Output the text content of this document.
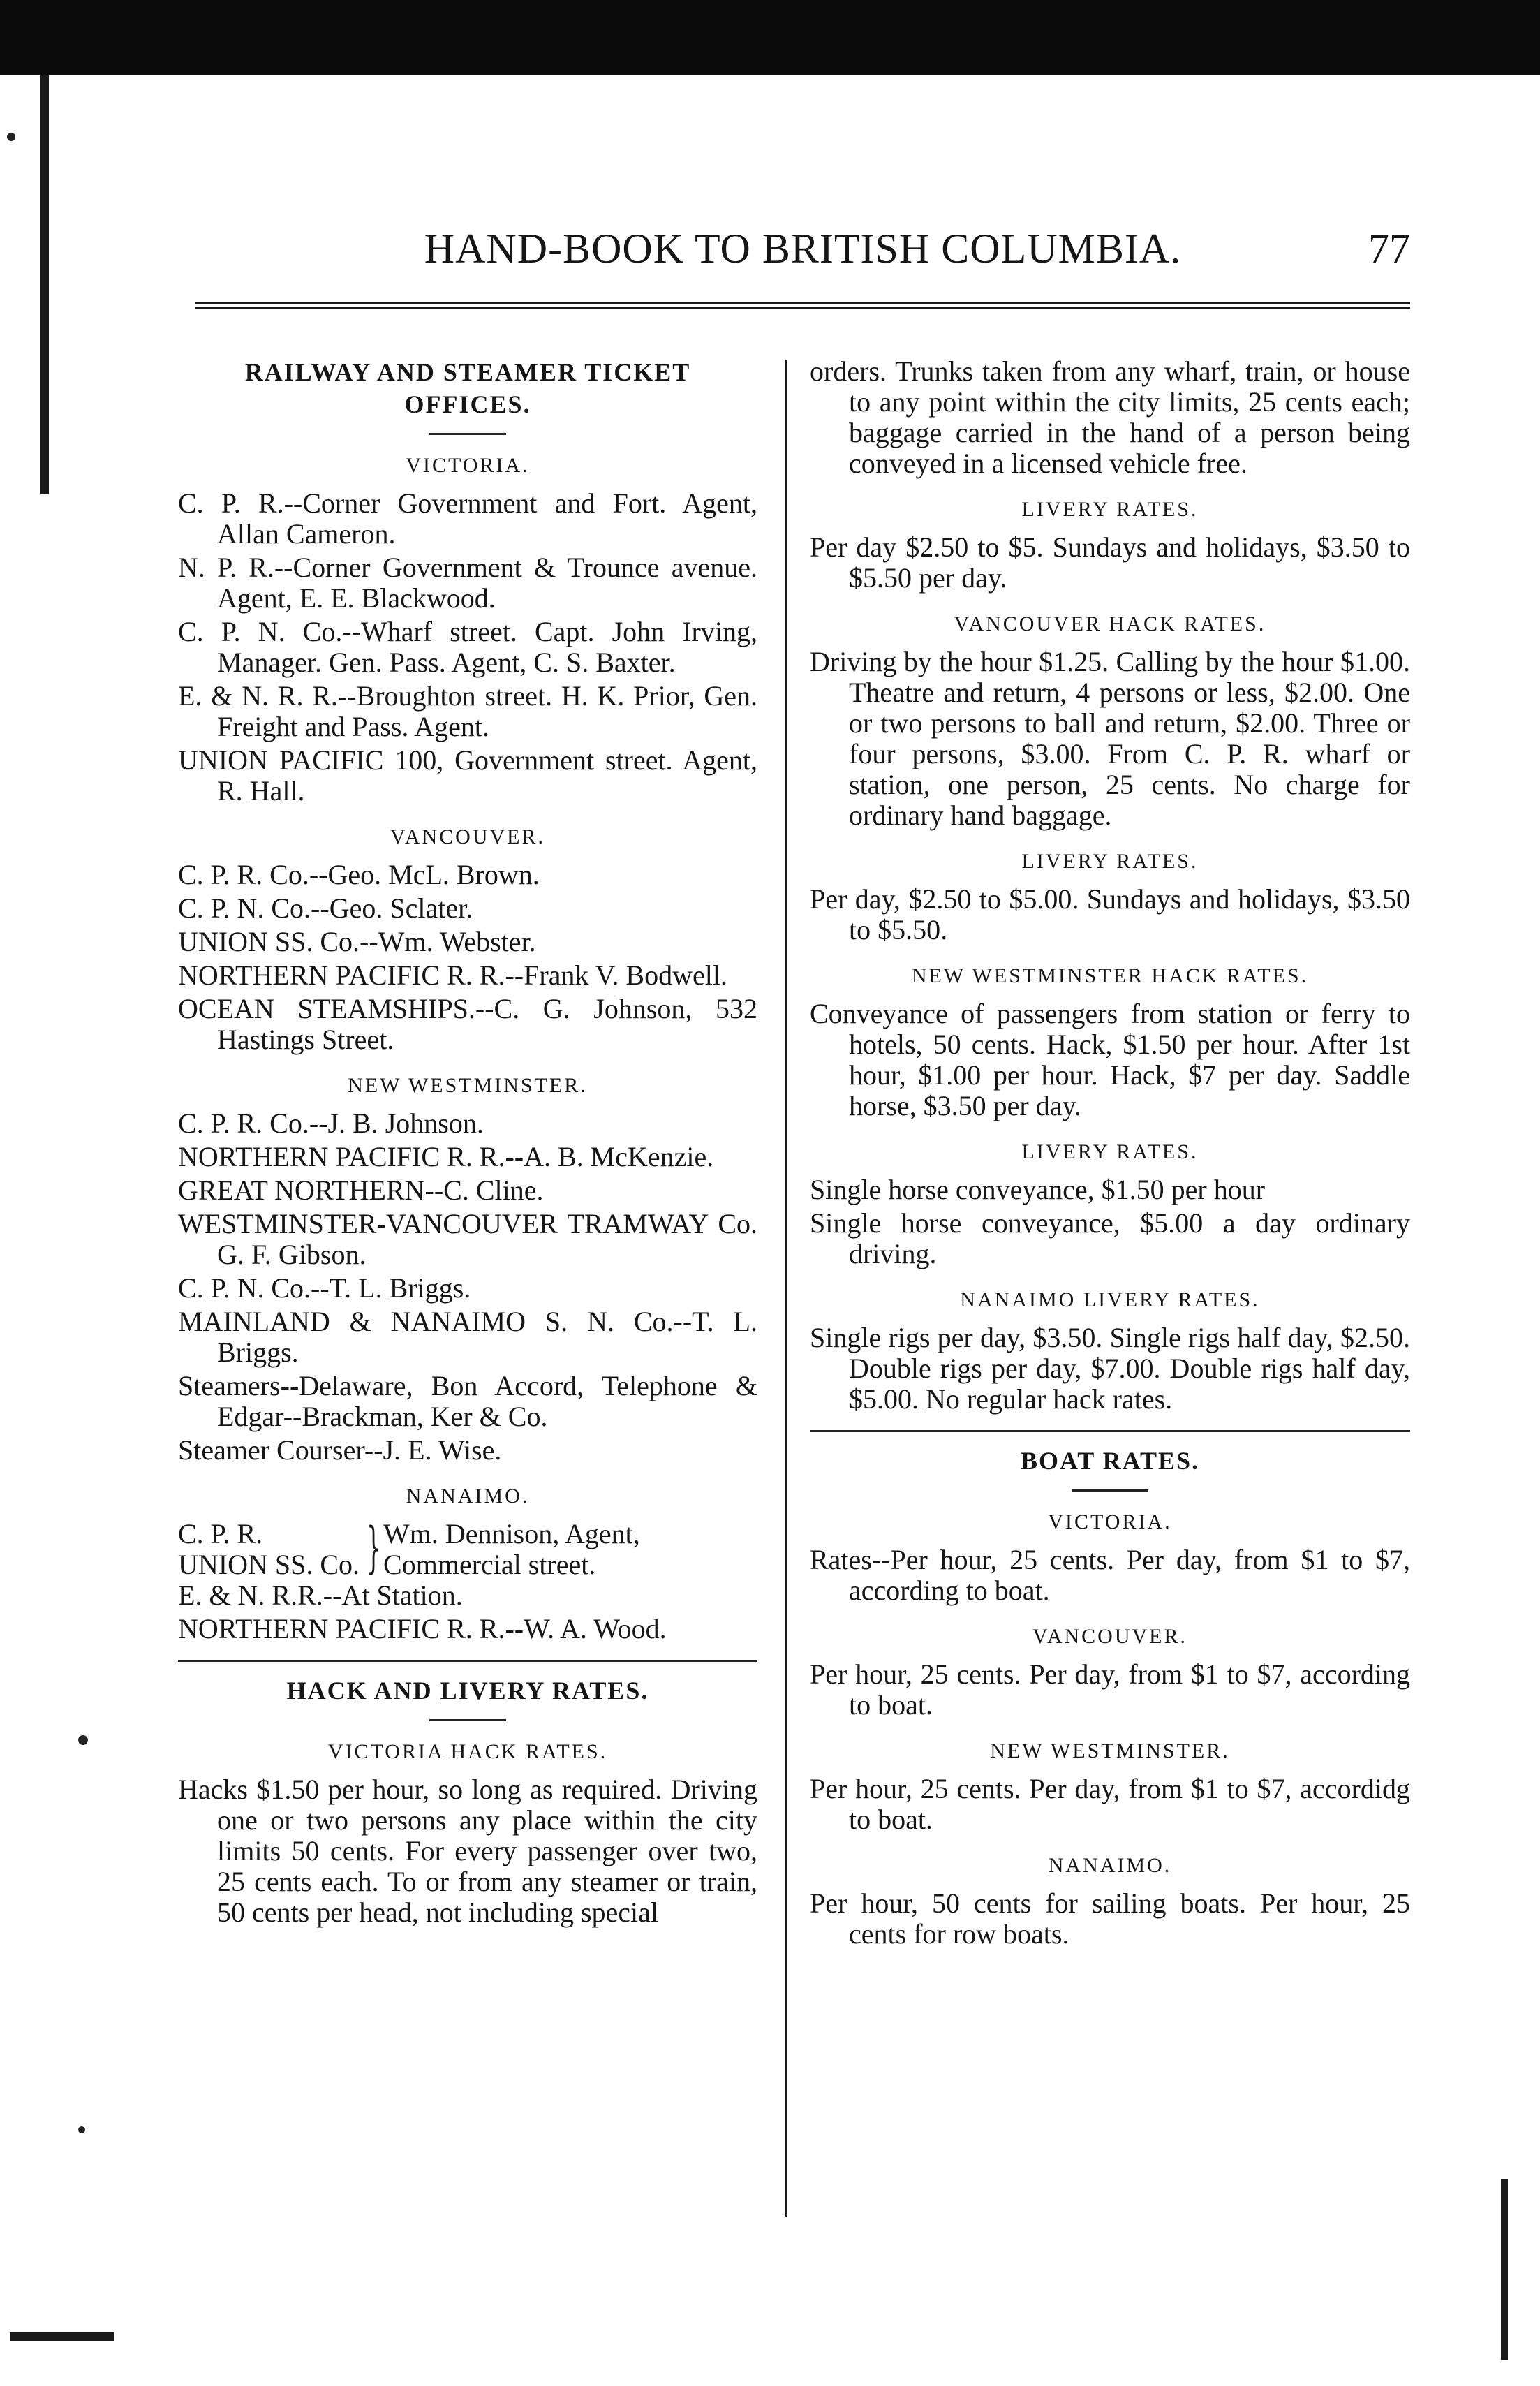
HAND-BOOK TO BRITISH COLUMBIA.	77
RAILWAY AND STEAMER TICKET OFFICES.
VICTORIA.
C. P. R.--Corner Government and Fort. Agent, Allan Cameron.
N. P. R.--Corner Government & Trounce avenue. Agent, E. E. Blackwood.
C. P. N. Co.--Wharf street. Capt. John Irving, Manager. Gen. Pass. Agent, C. S. Baxter.
E. & N. R. R.--Broughton street. H. K. Prior, Gen. Freight and Pass. Agent.
UNION PACIFIC 100, Government street. Agent, R. Hall.
VANCOUVER.
C. P. R. Co.--Geo. McL. Brown.
C. P. N. Co.--Geo. Sclater.
UNION SS. Co.--Wm. Webster.
NORTHERN PACIFIC R. R.--Frank V. Bodwell.
OCEAN STEAMSHIPS.--C. G. Johnson, 532 Hastings Street.
NEW WESTMINSTER.
C. P. R. Co.--J. B. Johnson.
NORTHERN PACIFIC R. R.--A. B. McKenzie.
GREAT NORTHERN--C. Cline.
WESTMINSTER-VANCOUVER TRAMWAY Co. G. F. Gibson.
C. P. N. Co.--T. L. Briggs.
MAINLAND & NANAIMO S. N. Co.--T. L. Briggs.
Steamers--Delaware, Bon Accord, Telephone & Edgar--Brackman, Ker & Co.
Steamer Courser--J. E. Wise.
NANAIMO.
C. P. R.
UNION SS. Co. } Wm. Dennison, Agent,
Commercial street.
E. & N. R.R.--At Station.
NORTHERN PACIFIC R. R.--W. A. Wood.
HACK AND LIVERY RATES.
VICTORIA HACK RATES.
Hacks $1.50 per hour, so long as required. Driving one or two persons any place within the city limits 50 cents. For every passenger over two, 25 cents each. To or from any steamer or train, 50 cents per head, not including special
orders. Trunks taken from any wharf, train, or house to any point within the city limits, 25 cents each; baggage carried in the hand of a person being conveyed in a licensed vehicle free.
LIVERY RATES.
Per day $2.50 to $5. Sundays and holidays, $3.50 to $5.50 per day.
VANCOUVER HACK RATES.
Driving by the hour $1.25. Calling by the hour $1.00. Theatre and return, 4 persons or less, $2.00. One or two persons to ball and return, $2.00. Three or four persons, $3.00. From C. P. R. wharf or station, one person, 25 cents. No charge for ordinary hand baggage.
LIVERY RATES.
Per day, $2.50 to $5.00. Sundays and holidays, $3.50 to $5.50.
NEW WESTMINSTER HACK RATES.
Conveyance of passengers from station or ferry to hotels, 50 cents. Hack, $1.50 per hour. After 1st hour, $1.00 per hour. Hack, $7 per day. Saddle horse, $3.50 per day.
LIVERY RATES.
Single horse conveyance, $1.50 per hour
Single horse conveyance, $5.00 a day ordinary driving.
NANAIMO LIVERY RATES.
Single rigs per day, $3.50. Single rigs half day, $2.50. Double rigs per day, $7.00. Double rigs half day, $5.00. No regular hack rates.
BOAT RATES.
VICTORIA.
Rates--Per hour, 25 cents. Per day, from $1 to $7, according to boat.
VANCOUVER.
Per hour, 25 cents. Per day, from $1 to $7, according to boat.
NEW WESTMINSTER.
Per hour, 25 cents. Per day, from $1 to $7, accordidg to boat.
NANAIMO.
Per hour, 50 cents for sailing boats. Per hour, 25 cents for row boats.
